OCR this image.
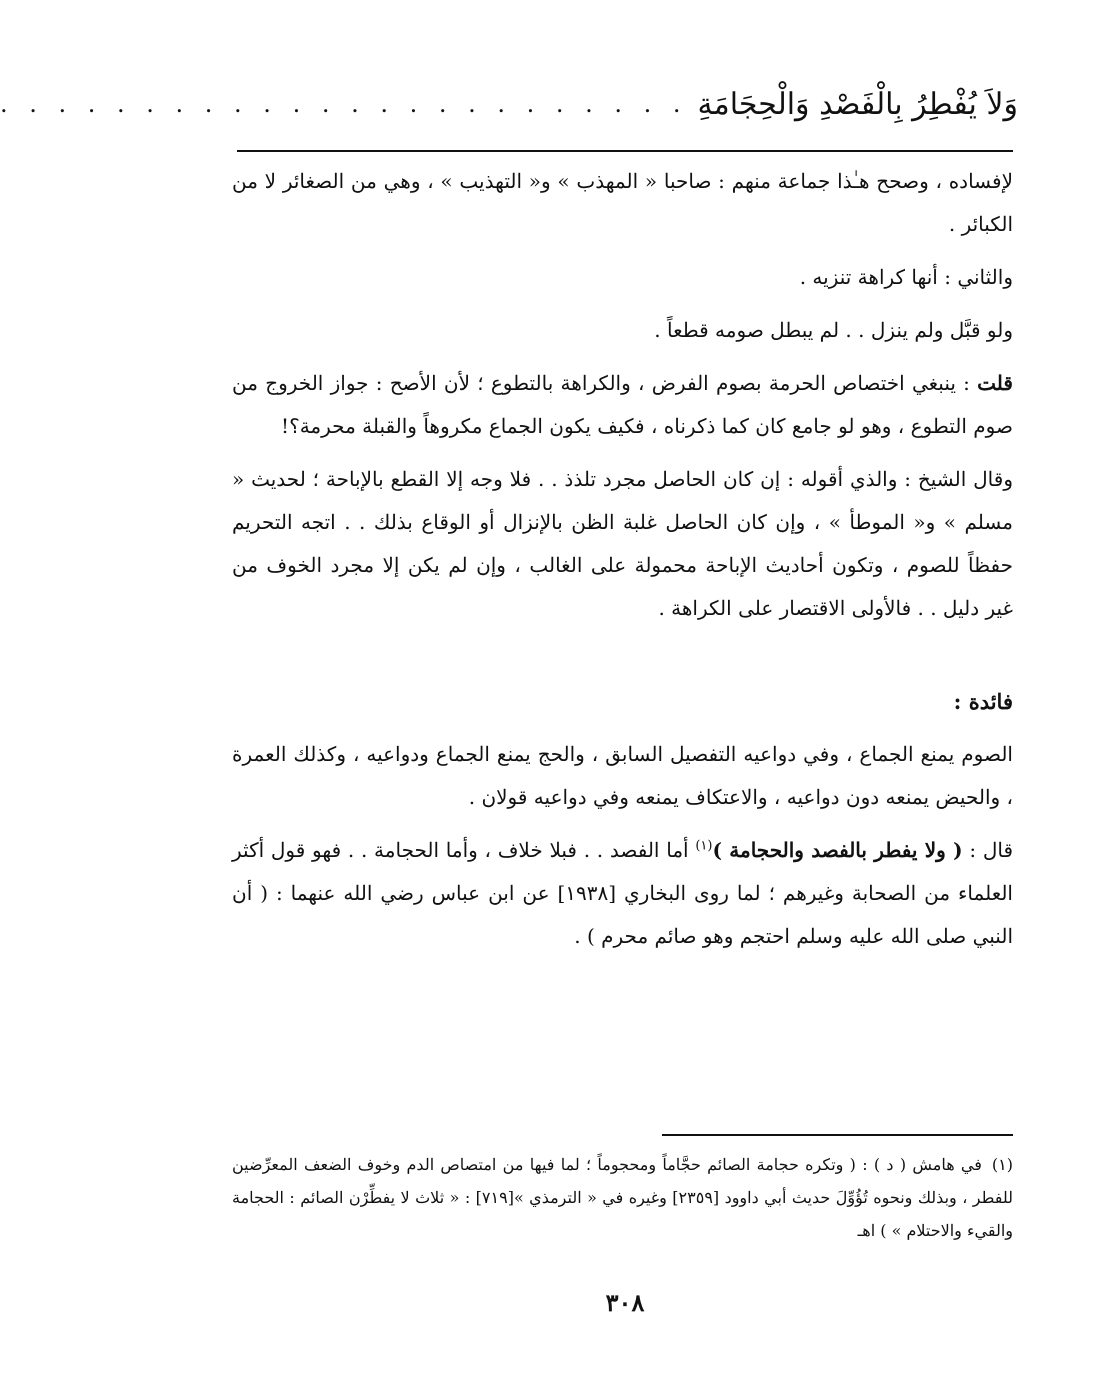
وَلاَ يُفْطِرُ بِالْفَصْدِ وَالْحِجَامَةِ
. . . . . . . . . . . . . . . . . . . . . . . .

لإفساده ، وصحح هـٰذا جماعة منهم : صاحبا « المهذب » و« التهذيب » ، وهي من الصغائر لا من الكبائر .

والثاني : أنها كراهة تنزيه .

ولو قبَّل ولم ينزل . . لم يبطل صومه قطعاً .

قلت : ينبغي اختصاص الحرمة بصوم الفرض ، والكراهة بالتطوع ؛ لأن الأصح : جواز الخروج من صوم التطوع ، وهو لو جامع كان كما ذكرناه ، فكيف يكون الجماع مكروهاً والقبلة محرمة؟!

وقال الشيخ : والذي أقوله : إن كان الحاصل مجرد تلذذ . . فلا وجه إلا القطع بالإباحة ؛ لحديث « مسلم » و« الموطأ » ، وإن كان الحاصل غلبة الظن بالإنزال أو الوقاع بذلك . . اتجه التحريم حفظاً للصوم ، وتكون أحاديث الإباحة محمولة على الغالب ، وإن لم يكن إلا مجرد الخوف من غير دليل . . فالأولى الاقتصار على الكراهة .

فائدة :

الصوم يمنع الجماع ، وفي دواعيه التفصيل السابق ، والحج يمنع الجماع ودواعيه ، وكذلك العمرة ، والحيض يمنعه دون دواعيه ، والاعتكاف يمنعه وفي دواعيه قولان .

قال : ( ولا يفطر بالفصد والحجامة )$^{(١)}$ أما الفصد . . فبلا خلاف ، وأما الحجامة . . فهو قول أكثر العلماء من الصحابة وغيرهم ؛ لما روى البخاري [١٩٣٨] عن ابن عباس رضي الله عنهما : ( أن النبي صلى الله عليه وسلم احتجم وهو صائم محرم ) .

(١)في هامش ( د ) : ( وتكره حجامة الصائم حجَّاماً ومحجوماً ؛ لما فيها من امتصاص الدم وخوف الضعف المعرِّضين للفطر ، وبذلك ونحوه تُؤُوِّلَ حديث أبي داوود [٢٣٥٩] وغيره في « الترمذي »[٧١٩] : « ثلاث لا يفطِّرْن الصائم : الحجامة والقيء والاحتلام » ) اهـ

٣٠٨
